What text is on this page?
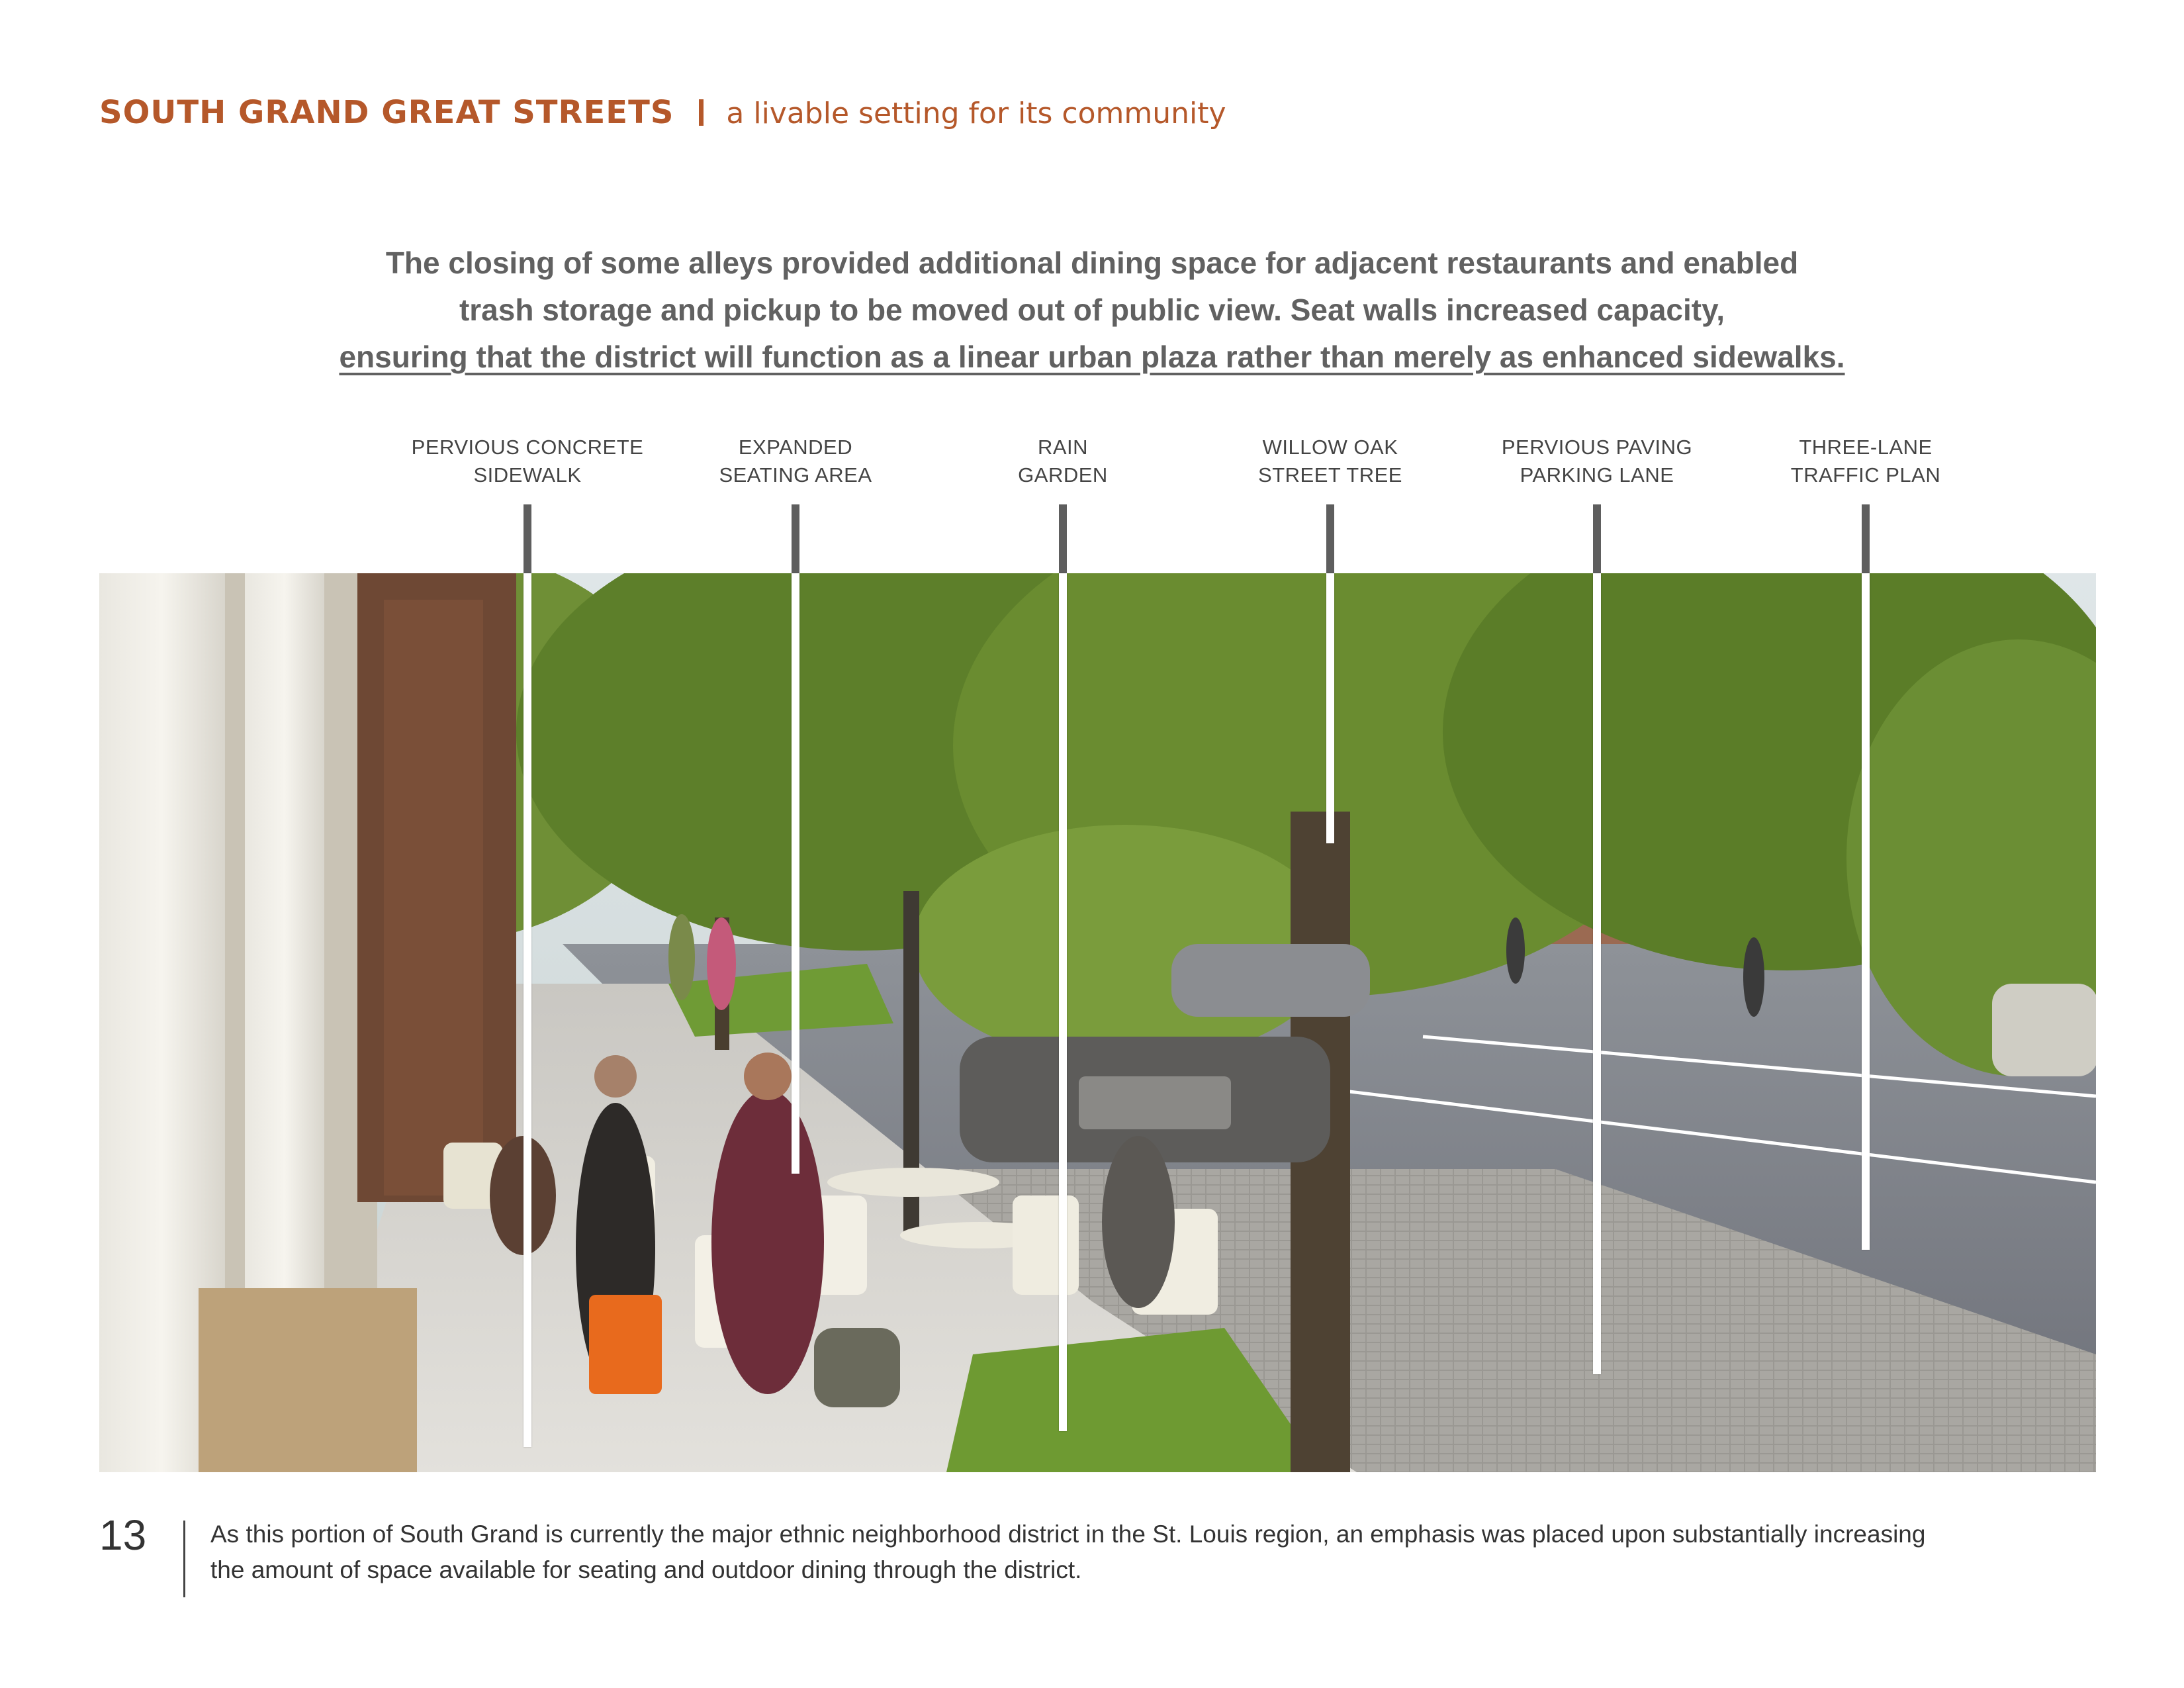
SOUTH GRAND GREAT STREETS a livable setting for its community
The closing of some alleys provided additional dining space for adjacent restaurants and enabled
trash storage and pickup to be moved out of public view. Seat walls increased capacity,
ensuring that the district will function as a linear urban plaza rather than merely as enhanced sidewalks.
PERVIOUS CONCRETE
SIDEWALK
EXPANDED
SEATING AREA
RAIN
GARDEN
WILLOW OAK
STREET TREE
PERVIOUS PAVING
PARKING LANE
THREE-LANE
TRAFFIC PLAN
13	As this portion of South Grand is currently the major ethnic neighborhood district in the St. Louis region, an emphasis was placed upon substantially increasing
the amount of space available for seating and outdoor dining through the district.
